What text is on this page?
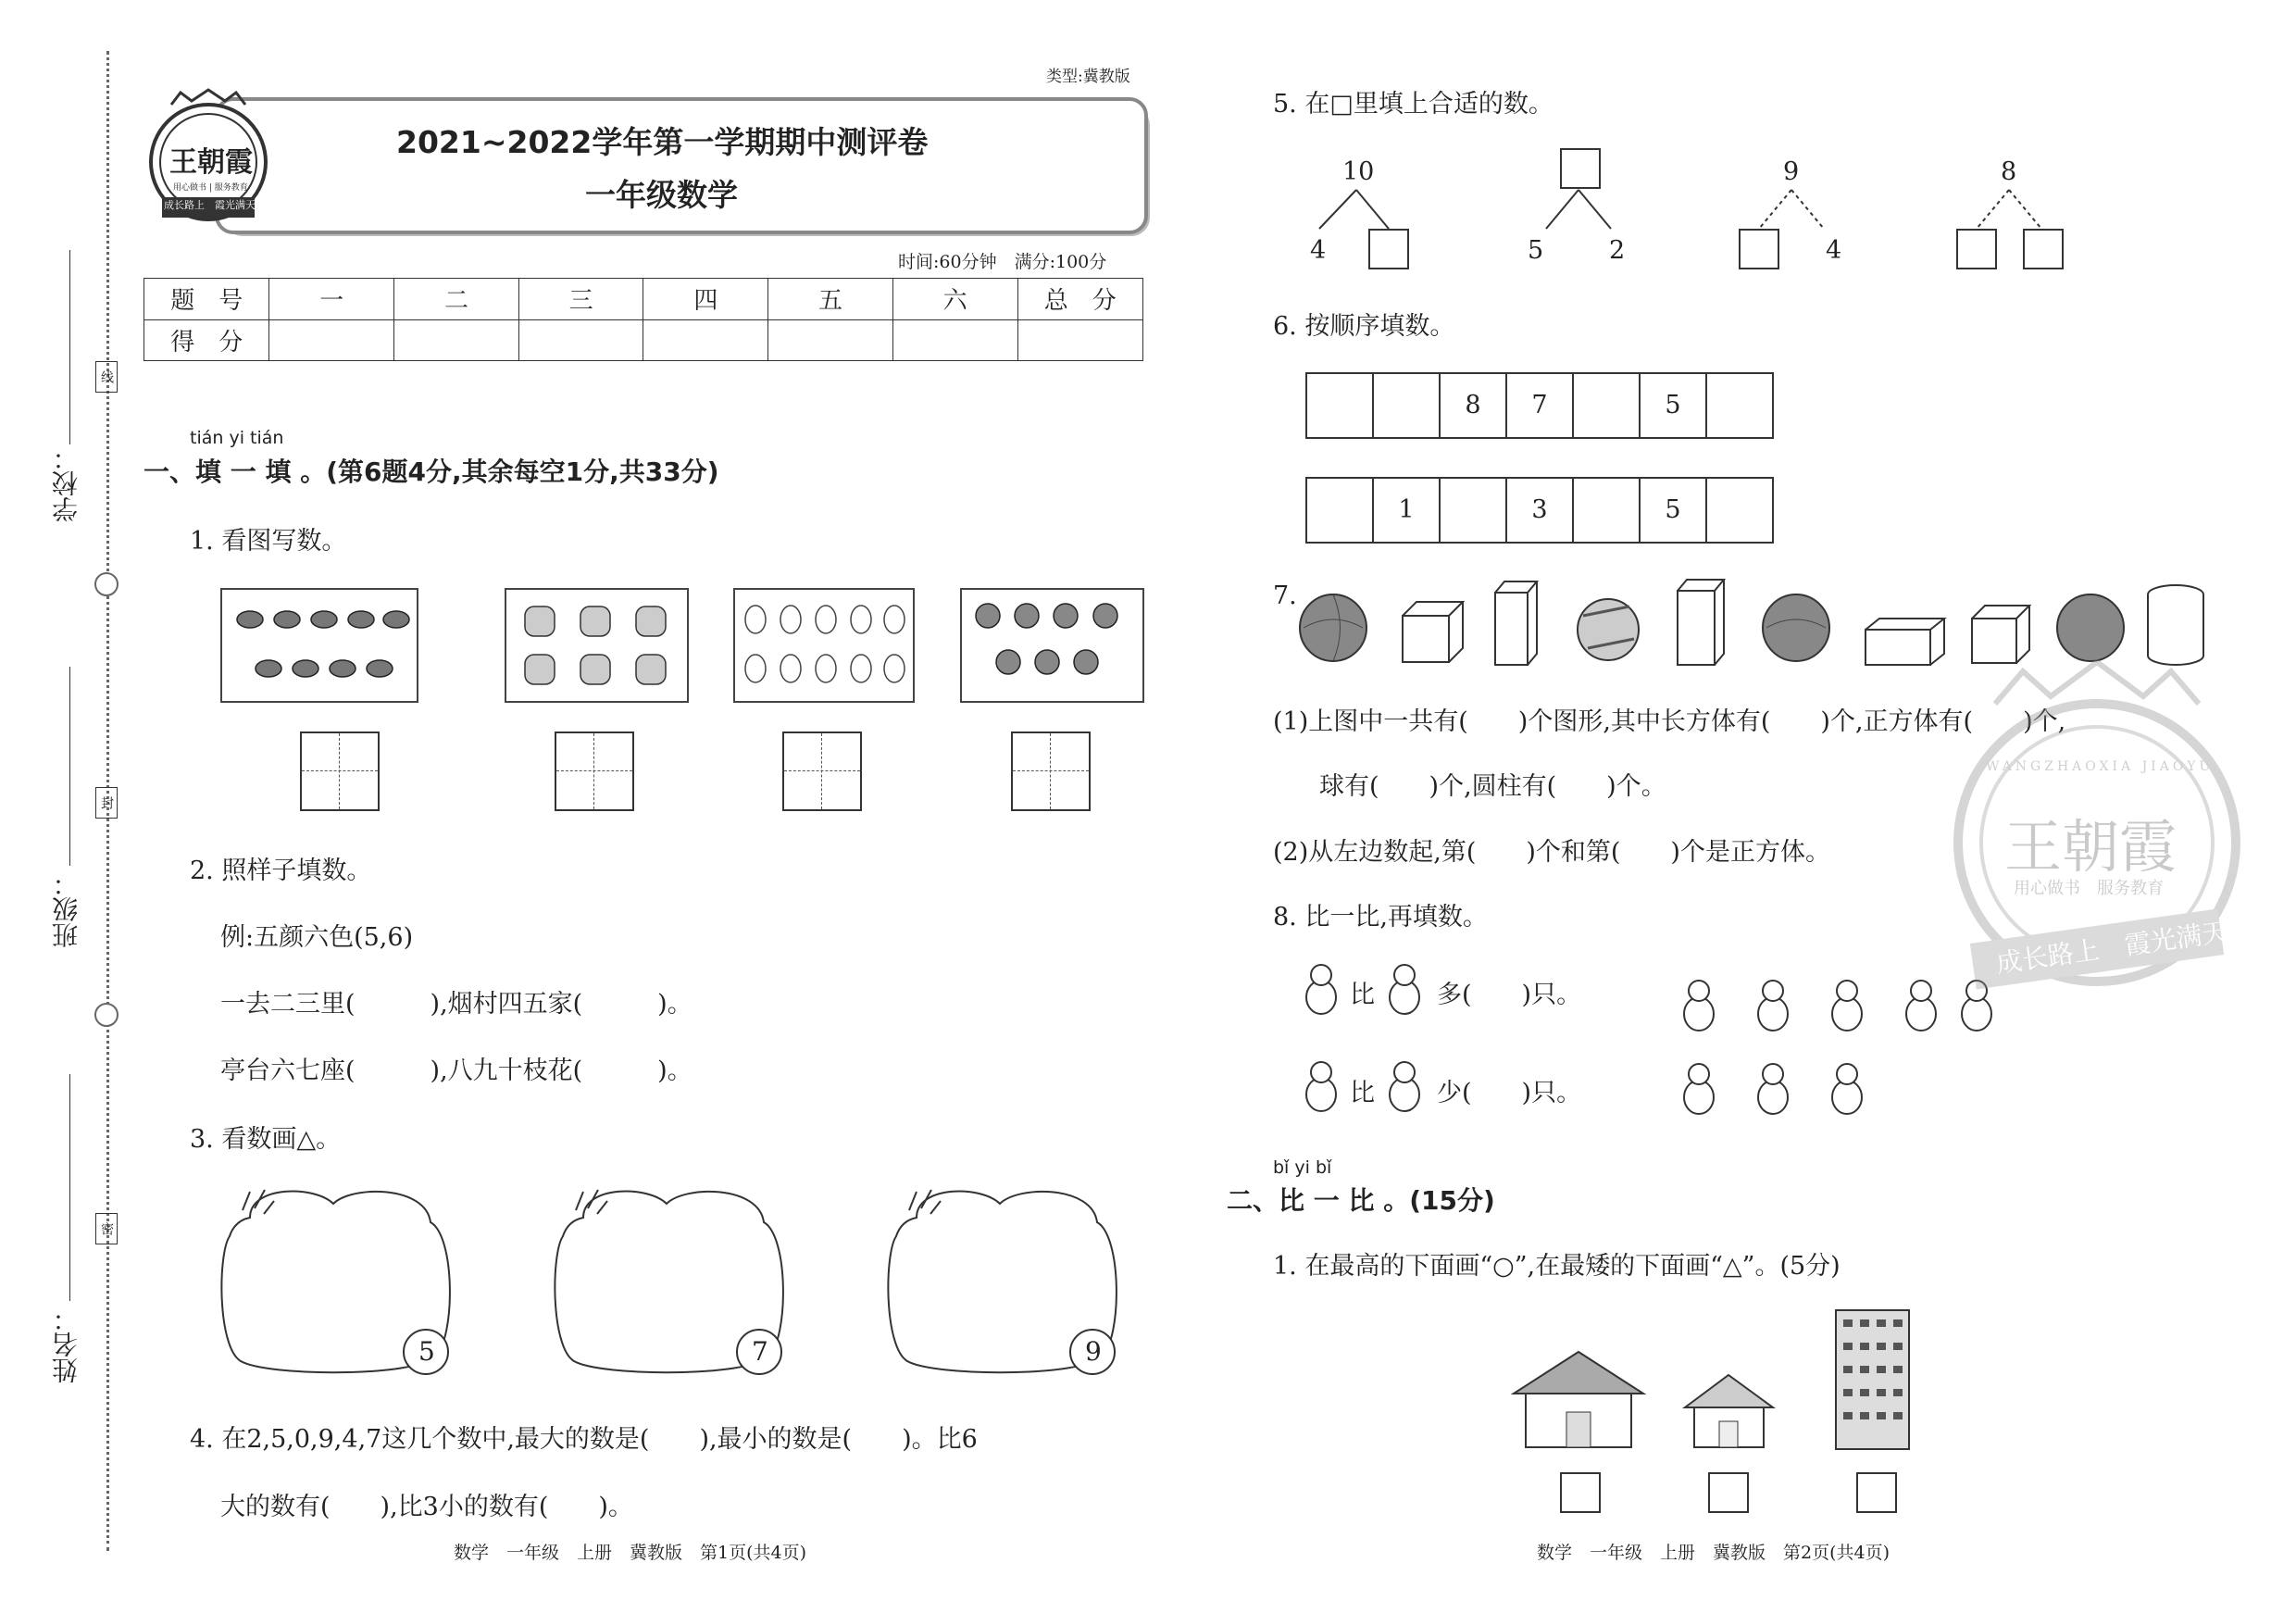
学校：
班级：
姓名：
线
封
密
类型:冀教版
2021~2022学年第一学期期中测评卷
一年级数学
王朝霞
用心做书 | 服务教育
成长路上　霞光满天
时间:60分钟　满分:100分
题　号	一	二	三	四	五	六	总　分
得　分							
tián yi tián
一、填 一 填 。(第6题4分,其余每空1分,共33分)
1. 看图写数。
2. 照样子填数。
例:五颜六色(5,6)
一去二三里(　　　),烟村四五家(　　　)。
亭台六七座(　　　),八九十枝花(　　　)。
3. 看数画△。
5	7	9
4. 在2,5,0,9,4,7这几个数中,最大的数是(　　),最小的数是(　　)。比6
大的数有(　　),比3小的数有(　　)。
数学　一年级　上册　冀教版　第1页(共4页)
5. 在□里填上合适的数。
10
4	5	2
9
4
8
6. 按顺序填数。
8	7	5
1	3	5
7.
(1)上图中一共有(　　)个图形,其中长方体有(　　)个,正方体有(　　)个,
球有(　　)个,圆柱有(　　)个。
(2)从左边数起,第(　　)个和第(　　)个是正方体。
8. 比一比,再填数。
比 多(　　)只。
比 少(　　)只。
bǐ yi bǐ
二、比 一 比 。(15分)
1. 在最高的下面画“○”,在最矮的下面画“△”。(5分)
王朝霞
用心做书　服务教育
成长路上　霞光满天
WANGZHAOXIA JIAOYU
数学　一年级　上册　冀教版　第2页(共4页)
